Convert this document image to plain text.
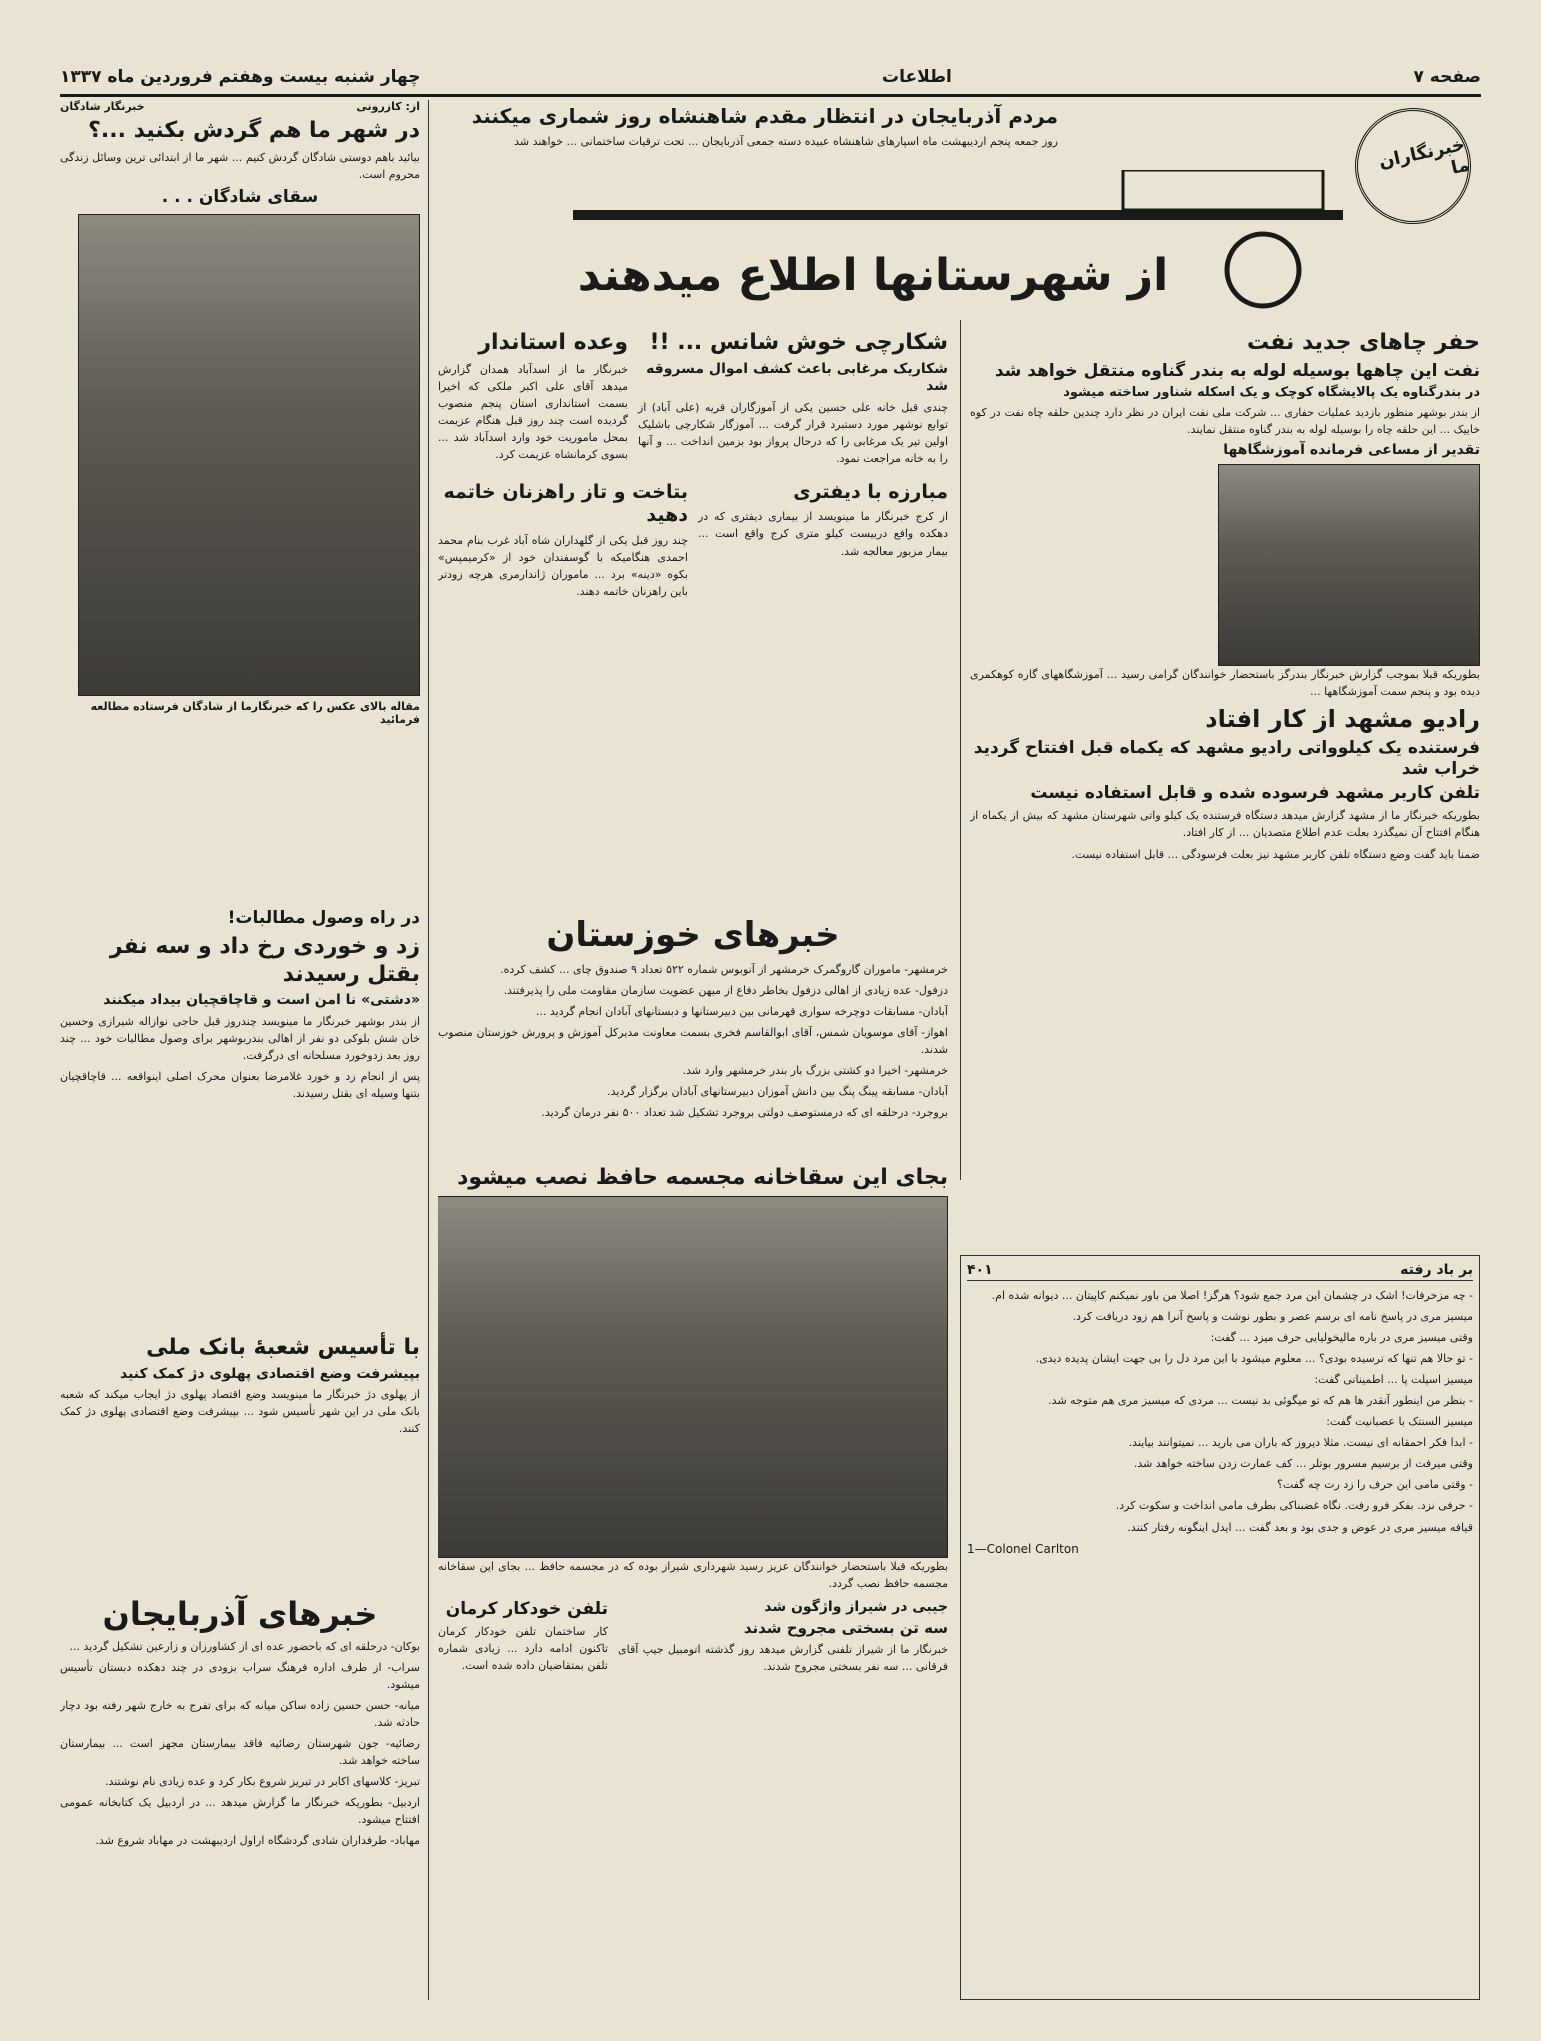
صفحه ۷
اطلاعات
چهار شنبه بیست وهفتم فروردین ماه ۱۳۳۷
خبرنگاران ما
از شهرستانها اطلاع میدهند
مردم آذربایجان در انتظار مقدم شاهنشاه روز شماری میکنند

روز جمعه پنجم اردیبهشت ماه اسپارهای شاهنشاه عبیده دسته جمعی آذربایجان ... تحت ترقیات ساختمانی ... خواهند شد

از: کازرونی
خبرنگار شادگان
در شهر ما هم گردش بکنید ...؟

بیائید باهم دوستی شادگان گردش کنیم ... شهر ما از ابتدائی ترین وسائل زندگی محروم است.

سقای شادگان . . .
مقاله بالای عکس را که خبرنگارما از شادگان فرستاده مطالعه فرمائید
حفر چاهای جدید نفت
نفت این چاهها بوسیله لوله به بندر گناوه منتقل خواهد شد
در بندرگناوه یک پالایشگاه کوچک و یک اسکله شناور ساخته میشود

از بندر بوشهر منظور بازدید عملیات حفاری ... شرکت ملی نفت ایران در نظر دارد چندین حلقه چاه نفت در کوه خاییک ... این حلقه چاه را بوسیله لوله به بندر گناوه منتقل نمایند.

تقدیر از مساعی فرمانده آموزشگاهها

بطوریکه قبلا بموجب گزارش خبرنگار بندرگز باستحضار خوانندگان گرامی رسید ... آموزشگاههای گاره کوهکمری دیده بود و پنجم سمت آموزشگاهها ...

رادیو مشهد از کار افتاد
فرستنده یک کیلوواتی رادیو مشهد که یکماه قبل افتتاح گردید خراب شد
تلفن کاربر مشهد فرسوده شده و قابل استفاده نیست

بطوریکه خبرنگار ما از مشهد گزارش میدهد دستگاه فرستنده یک کیلو واتی شهرستان مشهد که بیش از یکماه از هنگام افتتاح آن نمیگذرد بعلت عدم اطلاع متصدیان ... از کار افتاد.

ضمنا باید گفت وضع دستگاه تلفن کاربر مشهد نیز بعلت فرسودگی ... قابل استفاده نیست.

شکارچی خوش شانس ... !!
شکاریک مرغابی باعث کشف اموال مسروقه شد

چندی قبل خانه علی حسین یکی از آموزگاران قریه (علی آباد) از توابع نوشهر مورد دستبرد قرار گرفت ... آموزگار شکارچی باشلیک اولین تیر یک مرغابی را که درحال پرواز بود بزمین انداخت ... و آنها را به خانه مراجعت نمود.

وعده استاندار

خبرنگار ما از اسدآباد همدان گزارش میدهد آقای علی اکبر ملکی که اخیرا بسمت استانداری استان پنجم منصوب گردیده است چند روز قبل هنگام عزیمت بمحل ماموریت خود وارد اسدآباد شد ... بسوی کرمانشاه عزیمت کرد.

مبارزه با دیفتری

از کرج خبرنگار ما مینویسد از بیماری دیفتری که در دهکده وافع دربیست کیلو متری کرج واقع است ... بیمار مزبور معالجه شد.

بتاخت و تاز راهزنان خاتمه دهید

چند روز قبل یکی از گلهداران شاه آباد غرب بنام محمد احمدی هنگامیکه با گوسفندان خود از «کرمیمپس» بکوه «دینه» برد ... ماموران ژاندارمری هرچه زودتر باین راهزنان خاتمه دهند.

خبرهای خوزستان

خرمشهر- ماموران گاروگمرک خرمشهر از آنوبوس شماره ۵۲۲ تعداد ۹ صندوق چای ... کشف کرده.

دزفول- عده زیادی از اهالی دزفول بخاطر دفاع از میهن عضویت سازمان مقاومت ملی را پذیرفتند.

آبادان- مسابقات دوچرخه سواری قهرمانی بین دبیرستانها و دبستانهای آبادان انجام گردید ...

اهواز- آقای موسویان شمس، آقای ابوالقاسم فخری بسمت معاونت مدیرکل آموزش و پرورش خوزستان منصوب شدند.

خرمشهر- اخیرا دو کشتی بزرگ بار بندر خرمشهر وارد شد.

آبادان- مسابقه پینگ پنگ بین دانش آموزان دبیرستانهای آبادان برگزار گردید.

بروجرد- درحلقه ای که درمستوصف دولتی بروجرد تشکیل شد تعداد ۵۰۰ نفر درمان گردید.

در راه وصول مطالبات!
زد و خوردی رخ داد و سه نفر بقتل رسیدند
«دشتی» نا امن است و قاچاقچیان بیداد میکنند

از بندر بوشهر خبرنگار ما مینویسد چندروز قبل حاجی نوازاله شیرازی وحسین خان شش بلوکی دو نفر از اهالی بندربوشهر برای وصول مطالبات خود ... چند روز بعد زدوخورد مسلحانه ای درگرفت.

پس از انجام زد و خورد غلامرضا بعنوان محرک اصلی اینواقعه ... قاچاقچیان بتنها وسیله ای بقتل رسیدند.

با تأسیس شعبهٔ بانک ملی
بپیشرفت وضع اقتصادی پهلوی دژ کمک کنید

از پهلوی دژ خبرنگار ما مینویسد وضع اقتصاد پهلوی دژ ایجاب میکند که شعبه بانک ملی در این شهر تأسیس شود ... بپیشرفت وضع اقتصادی پهلوی دژ کمک کنند.

خبرهای آذربایجان

بوکان- درحلقه ای که باحضور عده ای از کشاورزان و زارعین تشکیل گردید ...

سراب- از طرف اداره فرهنگ سراب بزودی در چند دهکده دبستان تأسیس میشود.

میانه- حسن حسین زاده ساکن میانه که برای تفرج به خارج شهر رفته بود دچار حادثه شد.

رضائیه- جون شهرستان رضائیه فاقد بیمارستان مجهز است ... بیمارستان ساخته خواهد شد.

تبریز- کلاسهای اکابر در تبریز شروع بکار کرد و عده زیادی نام نوشتند.

اردبیل- بطوریکه خبرنگار ما گزارش میدهد ... در اردبیل یک کتابخانه عمومی افتتاح میشود.

مهاباد- طرفداران شادی گردشگاه اراول اردیبهشت در مهاباد شروع شد.

بجای این سقاخانه مجسمه حافظ نصب میشود

بطوریکه قبلا باستحضار خوانندگان عزیز رسید شهرداری شیراز بوده که در مجسمه حافظ ... بجای این سقاخانه مجسمه حافظ نصب گردد.

جیبی در شیراز واژگون شد
سه تن بسختی مجروح شدند

خبرنگار ما از شیراز تلفنی گزارش میدهد روز گذشته اتومبیل جیپ آقای فرقانی ... سه نفر بسختی مجروح شدند.

تلفن خودکار کرمان

کار ساختمان تلفن خودکار کرمان تاکنون ادامه دارد ... زیادی شماره تلفن بمتقاضیان داده شده است.

بر باد رفته
۴۰۱

- چه مزخرفات! اشک در چشمان این مرد جمع شود؟ هرگز! اصلا من باور نمیکنم کاپیتان ... دیوانه شده ام.

میسیز مری در پاسخ نامه ای برسم عصر و بطور نوشت و پاسخ آنرا هم زود دریافت کرد.

وقتی میسیز مری در باره مالیخولیایی حرف میزد ... گفت:

- تو حالا هم تنها که ترسیده بودی؟ ... معلوم میشود با این مرد دل را بی جهت ایشان پدیده دیدی.

میسیز اسپلت پا ... اطمینانی گفت:

- بنظر من اینطور آنقدر ها هم که تو میگوئی بد نیست ... مردی که میسیز مری هم متوجه شد.

میسیز السنتک با عصبانیت گفت:

- ابدا فکر احمقانه ای نیست. مثلا دیروز که باران می بارید ... نمیتوانند بیایند.

وقتی میرفت از برسیم مسرور بوتلر ... کف عمارت زدن ساخته خواهد شد.

- وقتی مامی این حرف را زد رت چه گفت؟

- حرفی نزد. بفکر فرو رفت. نگاه غضبناکی بطرف مامی انداخت و سکوت کرد.

قیافه میسیز مری در عوض و جدی بود و بعد گفت ... ایدل اینگونه رفتار کنند.

1—Colonel Carlton
